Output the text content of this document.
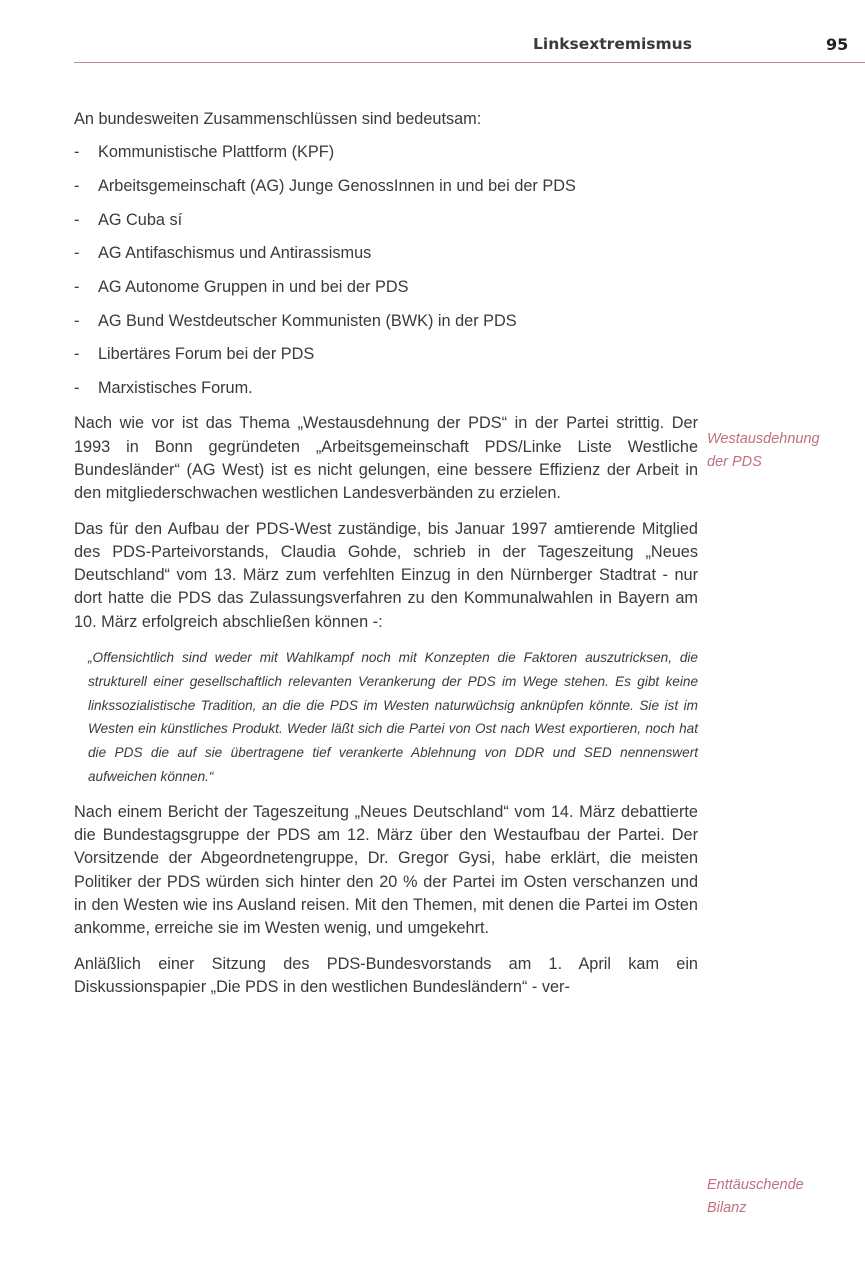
Linksextremismus	95

An bundesweiten Zusammenschlüssen sind bedeutsam:

- Kommunistische Plattform (KPF)
- Arbeitsgemeinschaft (AG) Junge GenossInnen in und bei der PDS
- AG Cuba sí
- AG Antifaschismus und Antirassismus
- AG Autonome Gruppen in und bei der PDS
- AG Bund Westdeutscher Kommunisten (BWK) in der PDS
- Libertäres Forum bei der PDS
- Marxistisches Forum.

Nach wie vor ist das Thema „Westausdehnung der PDS“ in der Partei strittig. Der 1993 in Bonn gegründeten „Arbeitsgemeinschaft PDS/Linke Liste Westliche Bundesländer“ (AG West) ist es nicht gelungen, eine bessere Effizienz der Arbeit in den mitgliederschwachen westlichen Landesverbänden zu erzielen.

Das für den Aufbau der PDS-West zuständige, bis Januar 1997 amtierende Mitglied des PDS-Parteivorstands, Claudia Gohde, schrieb in der Tageszeitung „Neues Deutschland“ vom 13. März zum verfehlten Einzug in den Nürnberger Stadtrat - nur dort hatte die PDS das Zulassungsverfahren zu den Kommunalwahlen in Bayern am 10. März erfolgreich abschließen können -:

„Offensichtlich sind weder mit Wahlkampf noch mit Konzepten die Faktoren auszutricksen, die strukturell einer gesellschaftlich relevanten Verankerung der PDS im Wege stehen. Es gibt keine linkssozialistische Tradition, an die die PDS im Westen naturwüchsig anknüpfen könnte. Sie ist im Westen ein künstliches Produkt. Weder läßt sich die Partei von Ost nach West exportieren, noch hat die PDS die auf sie übertragene tief verankerte Ablehnung von DDR und SED nennenswert aufweichen können.“

Nach einem Bericht der Tageszeitung „Neues Deutschland“ vom 14. März debattierte die Bundestagsgruppe der PDS am 12. März über den Westaufbau der Partei. Der Vorsitzende der Abgeordnetengruppe, Dr. Gregor Gysi, habe erklärt, die meisten Politiker der PDS würden sich hinter den 20 % der Partei im Osten verschanzen und in den Westen wie ins Ausland reisen. Mit den Themen, mit denen die Partei im Osten ankomme, erreiche sie im Westen wenig, und umgekehrt.

Anläßlich einer Sitzung des PDS-Bundesvorstands am 1. April kam ein Diskussionspapier „Die PDS in den westlichen Bundesländern“ - ver-

Westausdehnung
der PDS
Enttäuschende
Bilanz
